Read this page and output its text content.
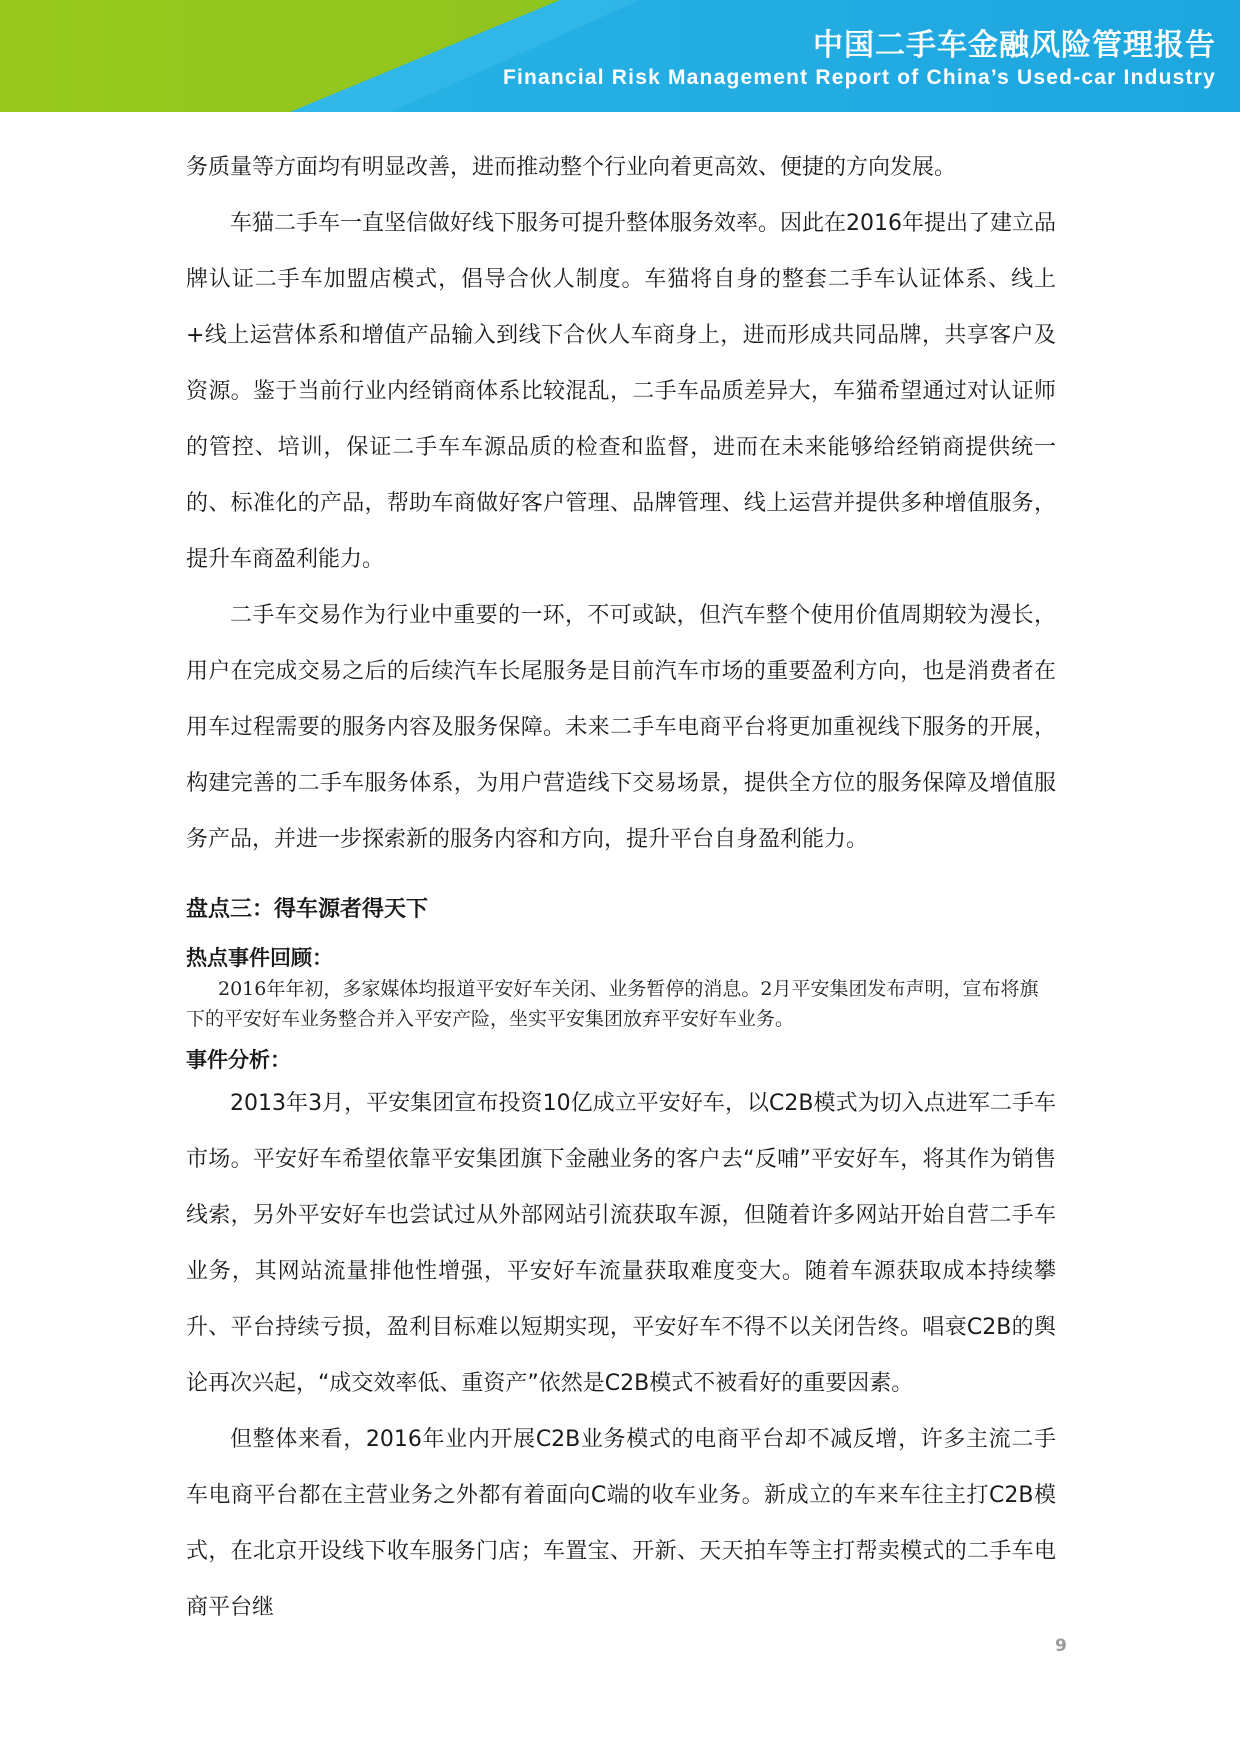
中国二手车金融风险管理报告
Financial Risk Management Report of China’s Used-car Industry

务质量等方面均有明显改善，进而推动整个行业向着更高效、便捷的方向发展。

车猫二手车一直坚信做好线下服务可提升整体服务效率。因此在2016年提出了建立品牌认证二手车加盟店模式，倡导合伙人制度。车猫将自身的整套二手车认证体系、线上+线上运营体系和增值产品输入到线下合伙人车商身上，进而形成共同品牌，共享客户及资源。鉴于当前行业内经销商体系比较混乱，二手车品质差异大，车猫希望通过对认证师的管控、培训，保证二手车车源品质的检查和监督，进而在未来能够给经销商提供统一的、标准化的产品，帮助车商做好客户管理、品牌管理、线上运营并提供多种增值服务，提升车商盈利能力。

二手车交易作为行业中重要的一环，不可或缺，但汽车整个使用价值周期较为漫长，用户在完成交易之后的后续汽车长尾服务是目前汽车市场的重要盈利方向，也是消费者在用车过程需要的服务内容及服务保障。未来二手车电商平台将更加重视线下服务的开展，构建完善的二手车服务体系，为用户营造线下交易场景，提供全方位的服务保障及增值服务产品，并进一步探索新的服务内容和方向，提升平台自身盈利能力。

盘点三：得车源者得天下
热点事件回顾：

2016年年初，多家媒体均报道平安好车关闭、业务暂停的消息。2月平安集团发布声明，宣布将旗下的平安好车业务整合并入平安产险，坐实平安集团放弃平安好车业务。

事件分析：

2013年3月，平安集团宣布投资10亿成立平安好车，以C2B模式为切入点进军二手车市场。平安好车希望依靠平安集团旗下金融业务的客户去“反哺”平安好车，将其作为销售线索，另外平安好车也尝试过从外部网站引流获取车源，但随着许多网站开始自营二手车业务，其网站流量排他性增强，平安好车流量获取难度变大。随着车源获取成本持续攀升、平台持续亏损，盈利目标难以短期实现，平安好车不得不以关闭告终。唱衰C2B的舆论再次兴起，“成交效率低、重资产”依然是C2B模式不被看好的重要因素。

但整体来看，2016年业内开展C2B业务模式的电商平台却不减反增，许多主流二手车电商平台都在主营业务之外都有着面向C端的收车业务。新成立的车来车往主打C2B模式，在北京开设线下收车服务门店；车置宝、开新、天天拍车等主打帮卖模式的二手车电商平台继

9
